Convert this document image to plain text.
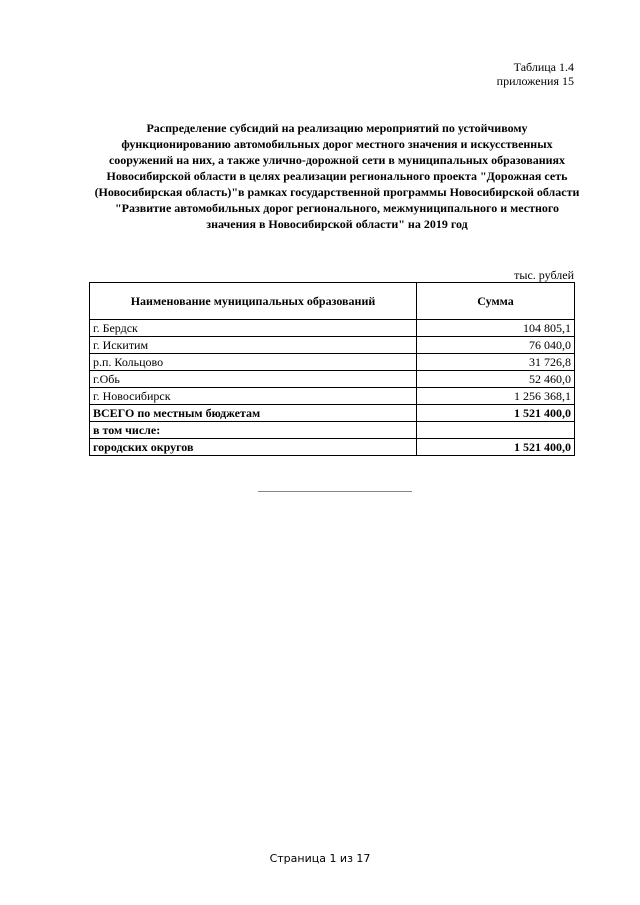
Таблица 1.4
приложения 15
Распределение субсидий на реализацию мероприятий по устойчивому функционированию автомобильных дорог местного значения и искусственных сооружений на них, а также улично-дорожной сети в муниципальных образованиях Новосибирской области в целях реализации регионального проекта "Дорожная сеть (Новосибирская область)"в рамках государственной программы Новосибирской области "Развитие автомобильных дорог регионального, межмуниципального и местного значения в Новосибирской области" на 2019 год
тыс. рублей
Наименование муниципальных образований	Сумма
г. Бердск	104 805,1
г. Искитим	76 040,0
р.п. Кольцово	31 726,8
г.Обь	52 460,0
г. Новосибирск	1 256 368,1
ВСЕГО по местным бюджетам	1 521 400,0
в том числе:	
городских округов	1 521 400,0
Страница 1 из 17
